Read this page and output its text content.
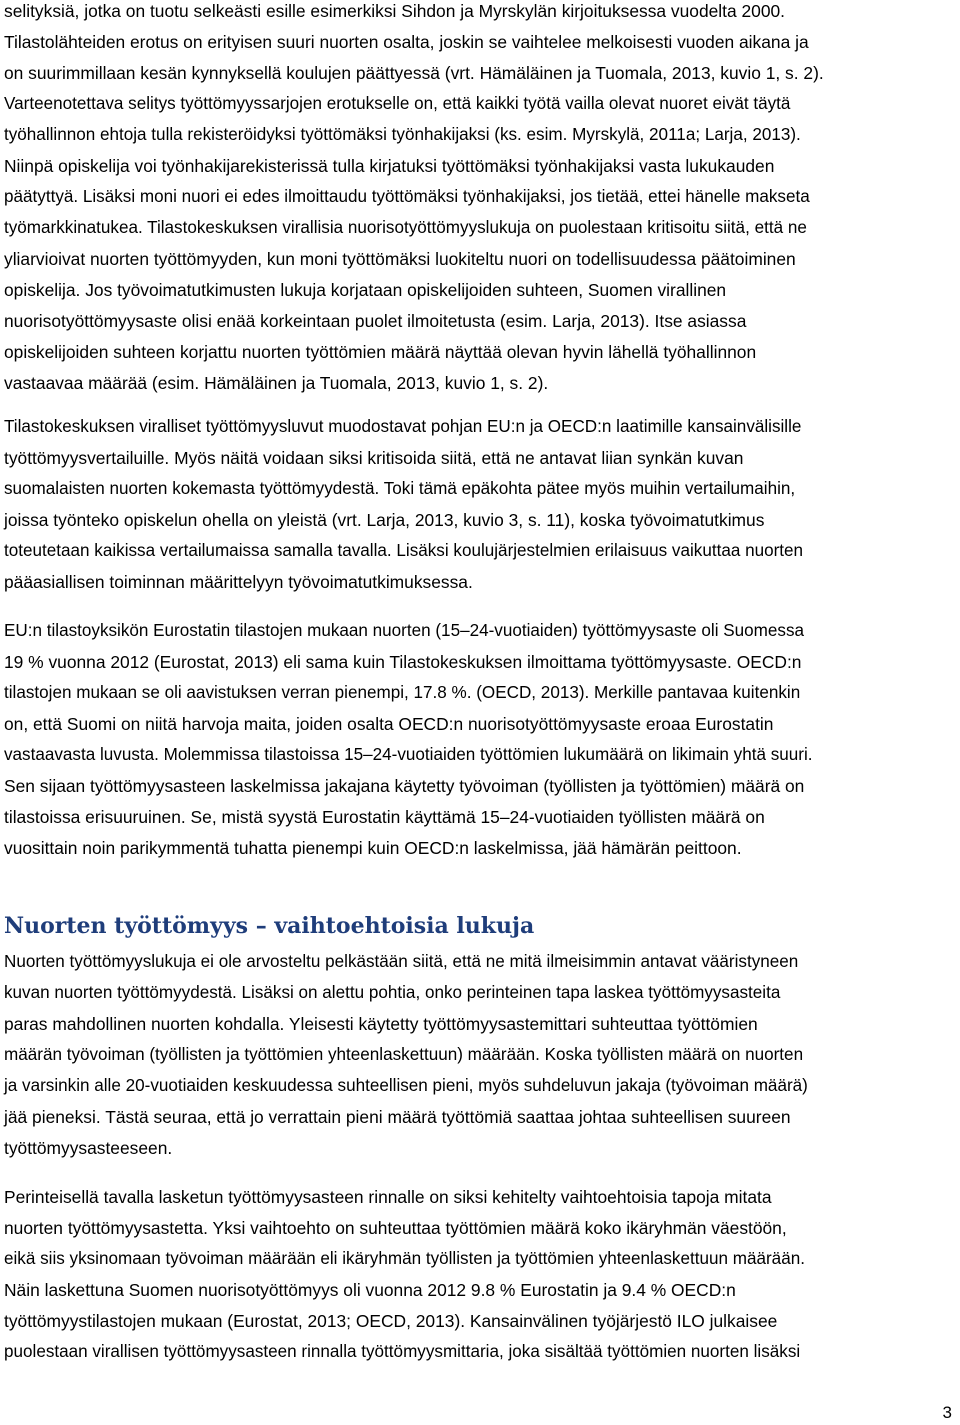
selityksiä, jotka on tuotu selkeästi esille esimerkiksi Sihdon ja Myrskylän kirjoituksessa vuodelta 2000.
Tilastolähteiden erotus on erityisen suuri nuorten osalta, joskin se vaihtelee melkoisesti vuoden aikana ja
on suurimmillaan kesän kynnyksellä koulujen päättyessä (vrt. Hämäläinen ja Tuomala, 2013, kuvio 1, s. 2).
Varteenotettava selitys työttömyyssarjojen erotukselle on, että kaikki työtä vailla olevat nuoret eivät täytä
työhallinnon ehtoja tulla rekisteröidyksi työttömäksi työnhakijaksi (ks. esim. Myrskylä, 2011a; Larja, 2013).
Niinpä opiskelija voi työnhakijarekisterissä tulla kirjatuksi työttömäksi työnhakijaksi vasta lukukauden
päätyttyä. Lisäksi moni nuori ei edes ilmoittaudu työttömäksi työnhakijaksi, jos tietää, ettei hänelle makseta
työmarkkinatukea. Tilastokeskuksen virallisia nuorisotyöttömyyslukuja on puolestaan kritisoitu siitä, että ne
yliarvioivat nuorten työttömyyden, kun moni työttömäksi luokiteltu nuori on todellisuudessa päätoiminen
opiskelija. Jos työvoimatutkimusten lukuja korjataan opiskelijoiden suhteen, Suomen virallinen
nuorisotyöttömyysaste olisi enää korkeintaan puolet ilmoitetusta (esim. Larja, 2013). Itse asiassa
opiskelijoiden suhteen korjattu nuorten työttömien määrä näyttää olevan hyvin lähellä työhallinnon
vastaavaa määrää (esim. Hämäläinen ja Tuomala, 2013, kuvio 1, s. 2).
Tilastokeskuksen viralliset työttömyysluvut muodostavat pohjan EU:n ja OECD:n laatimille kansainvälisille
työttömyysvertailuille. Myös näitä voidaan siksi kritisoida siitä, että ne antavat liian synkän kuvan
suomalaisten nuorten kokemasta työttömyydestä. Toki tämä epäkohta pätee myös muihin vertailumaihin,
joissa työnteko opiskelun ohella on yleistä (vrt. Larja, 2013, kuvio 3, s. 11), koska työvoimatutkimus
toteutetaan kaikissa vertailumaissa samalla tavalla. Lisäksi koulujärjestelmien erilaisuus vaikuttaa nuorten
pääasiallisen toiminnan määrittelyyn työvoimatutkimuksessa.
EU:n tilastoyksikön Eurostatin tilastojen mukaan nuorten (15–24-vuotiaiden) työttömyysaste oli Suomessa
19 % vuonna 2012 (Eurostat, 2013) eli sama kuin Tilastokeskuksen ilmoittama työttömyysaste. OECD:n
tilastojen mukaan se oli aavistuksen verran pienempi, 17.8 %. (OECD, 2013). Merkille pantavaa kuitenkin
on, että Suomi on niitä harvoja maita, joiden osalta OECD:n nuorisotyöttömyysaste eroaa Eurostatin
vastaavasta luvusta. Molemmissa tilastoissa 15–24-vuotiaiden työttömien lukumäärä on likimain yhtä suuri.
Sen sijaan työttömyysasteen laskelmissa jakajana käytetty työvoiman (työllisten ja työttömien) määrä on
tilastoissa erisuuruinen. Se, mistä syystä Eurostatin käyttämä 15–24-vuotiaiden työllisten määrä on
vuosittain noin parikymmentä tuhatta pienempi kuin OECD:n laskelmissa, jää hämärän peittoon.
Nuorten työttömyys – vaihtoehtoisia lukuja
Nuorten työttömyyslukuja ei ole arvosteltu pelkästään siitä, että ne mitä ilmeisimmin antavat vääristyneen
kuvan nuorten työttömyydestä. Lisäksi on alettu pohtia, onko perinteinen tapa laskea työttömyysasteita
paras mahdollinen nuorten kohdalla. Yleisesti käytetty työttömyysastemittari suhteuttaa työttömien
määrän työvoiman (työllisten ja työttömien yhteenlaskettuun) määrään. Koska työllisten määrä on nuorten
ja varsinkin alle 20-vuotiaiden keskuudessa suhteellisen pieni, myös suhdeluvun jakaja (työvoiman määrä)
jää pieneksi. Tästä seuraa, että jo verrattain pieni määrä työttömiä saattaa johtaa suhteellisen suureen
työttömyysasteeseen.
Perinteisellä tavalla lasketun työttömyysasteen rinnalle on siksi kehitelty vaihtoehtoisia tapoja mitata
nuorten työttömyysastetta. Yksi vaihtoehto on suhteuttaa työttömien määrä koko ikäryhmän väestöön,
eikä siis yksinomaan työvoiman määrään eli ikäryhmän työllisten ja työttömien yhteenlaskettuun määrään.
Näin laskettuna Suomen nuorisotyöttömyys oli vuonna 2012 9.8 % Eurostatin ja 9.4 % OECD:n
työttömyystilastojen mukaan (Eurostat, 2013; OECD, 2013). Kansainvälinen työjärjestö ILO julkaisee
puolestaan virallisen työttömyysasteen rinnalla työttömyysmittaria, joka sisältää työttömien nuorten lisäksi
3
